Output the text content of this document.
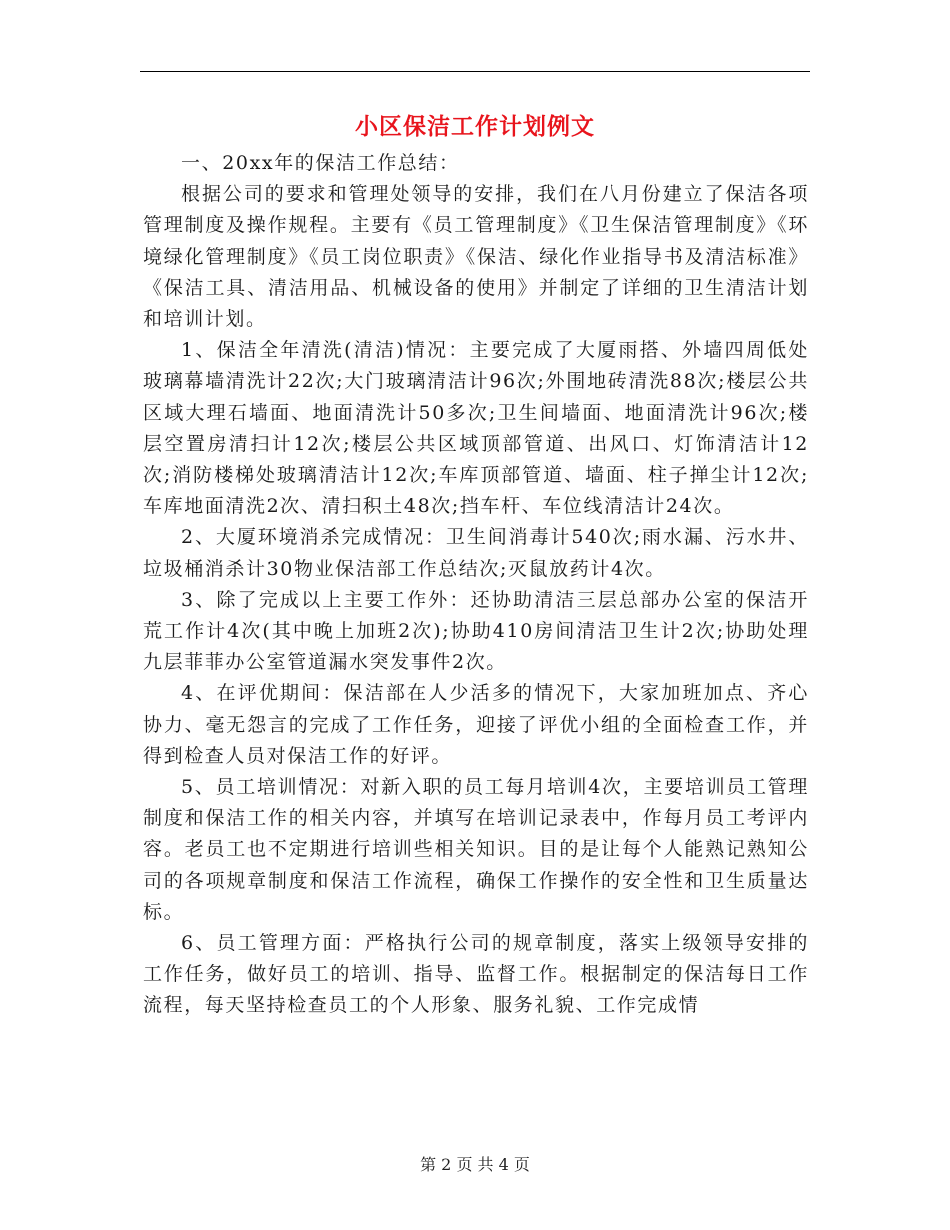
小区保洁工作计划例文

一、20xx年的保洁工作总结：

根据公司的要求和管理处领导的安排，我们在八月份建立了保洁各项管理制度及操作规程。主要有《员工管理制度》《卫生保洁管理制度》《环境绿化管理制度》《员工岗位职责》《保洁、绿化作业指导书及清洁标准》《保洁工具、清洁用品、机械设备的使用》并制定了详细的卫生清洁计划和培训计划。

1、保洁全年清洗(清洁)情况：主要完成了大厦雨搭、外墙四周低处玻璃幕墙清洗计22次;大门玻璃清洁计96次;外围地砖清洗88次;楼层公共区域大理石墙面、地面清洗计50多次;卫生间墙面、地面清洗计96次;楼层空置房清扫计12次;楼层公共区域顶部管道、出风口、灯饰清洁计12次;消防楼梯处玻璃清洁计12次;车库顶部管道、墙面、柱子掸尘计12次;车库地面清洗2次、清扫积土48次;挡车杆、车位线清洁计24次。

2、大厦环境消杀完成情况：卫生间消毒计540次;雨水漏、污水井、垃圾桶消杀计30物业保洁部工作总结次;灭鼠放药计4次。

3、除了完成以上主要工作外：还协助清洁三层总部办公室的保洁开荒工作计4次(其中晚上加班2次);协助410房间清洁卫生计2次;协助处理九层菲菲办公室管道漏水突发事件2次。

4、在评优期间：保洁部在人少活多的情况下，大家加班加点、齐心协力、毫无怨言的完成了工作任务，迎接了评优小组的全面检查工作，并得到检查人员对保洁工作的好评。

5、员工培训情况：对新入职的员工每月培训4次，主要培训员工管理制度和保洁工作的相关内容，并填写在培训记录表中，作每月员工考评内容。老员工也不定期进行培训些相关知识。目的是让每个人能熟记熟知公司的各项规章制度和保洁工作流程，确保工作操作的安全性和卫生质量达标。

6、员工管理方面：严格执行公司的规章制度，落实上级领导安排的工作任务，做好员工的培训、指导、监督工作。根据制定的保洁每日工作流程，每天坚持检查员工的个人形象、服务礼貌、工作完成情

第 2 页 共 4 页
